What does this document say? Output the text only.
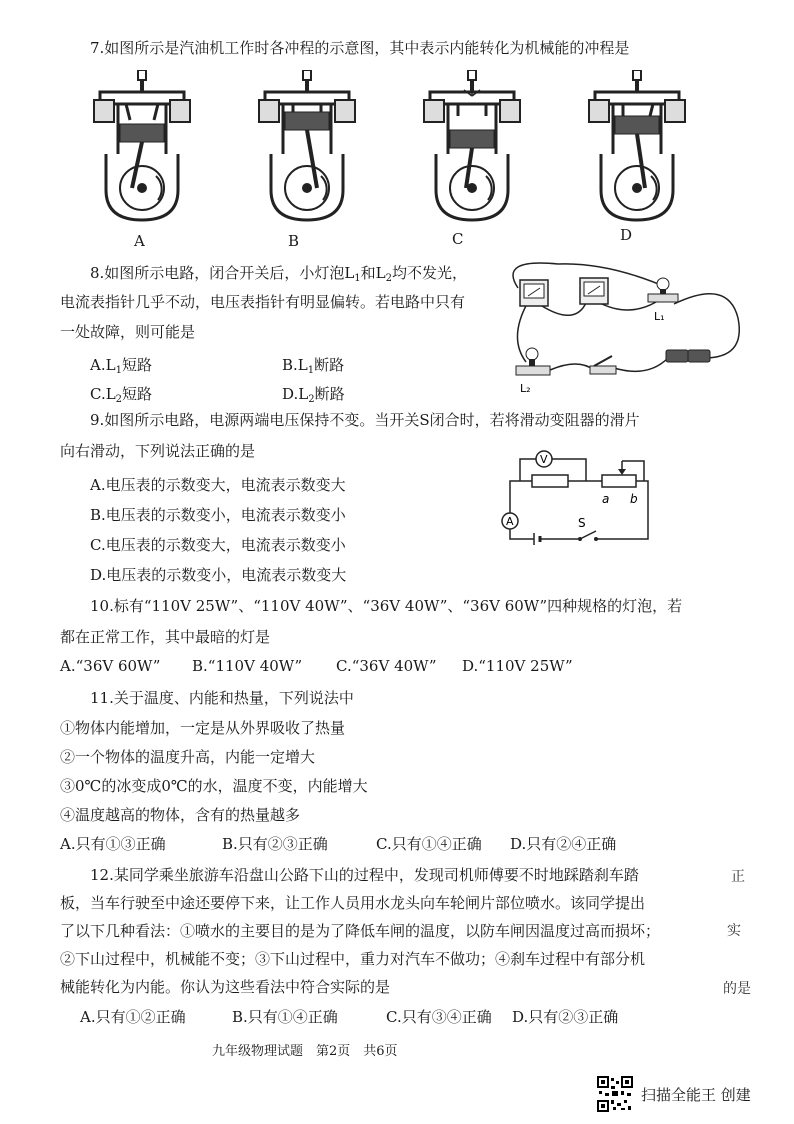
7.如图所示是汽油机工作时各冲程的示意图，其中表示内能转化为机械能的冲程是
A	B	C	D
8.如图所示电路，闭合开关后，小灯泡$L_1$和$L_2$均不发光，
电流表指针几乎不动，电压表指针有明显偏转。若电路中只有
一处故障，则可能是
$A.L_1$短路	$B.L_1$断路
$C.L_2$短路	$D.L_2$断路
L₁
L₂
9.如图所示电路，电源两端电压保持不变。当开关S闭合时，若将滑动变阻器的滑片
向右滑动，下列说法正确的是
A.电压表的示数变大，电流表示数变大
B.电压表的示数变小，电流表示数变小
C.电压表的示数变大，电流表示数变小
D.电压表的示数变小，电流表示数变大
V
a b
A	S
10.标有“110V 25W”、“110V 40W”、“36V 40W”、“36V 60W”四种规格的灯泡，若
都在正常工作，其中最暗的灯是
A.“36V 60W” B.“110V 40W” C.“36V 40W” D.“110V 25W”
11.关于温度、内能和热量，下列说法中
①物体内能增加，一定是从外界吸收了热量
②一个物体的温度升高，内能一定增大
③0℃的冰变成0℃的水，温度不变，内能增大
④温度越高的物体，含有的热量越多
A.只有①③正确	B.只有②③正确	C.只有①④正确 D.只有②④正确
12.某同学乘坐旅游车沿盘山公路下山的过程中，发现司机师傅要不时地踩踏刹车踏
板，当车行驶至中途还要停下来，让工作人员用水龙头向车轮闸片部位喷水。该同学提出
了以下几种看法：①喷水的主要目的是为了降低车闸的温度，以防车闸因温度过高而损坏；
②下山过程中，机械能不变；③下山过程中，重力对汽车不做功；④刹车过程中有部分机
械能转化为内能。你认为这些看法中符合实际的是
A.只有①②正确	B.只有①④正确	C.只有③④正确 D.只有②③正确
正
实
的是
九年级物理试题　第2页　共6页
扫描全能王 创建
